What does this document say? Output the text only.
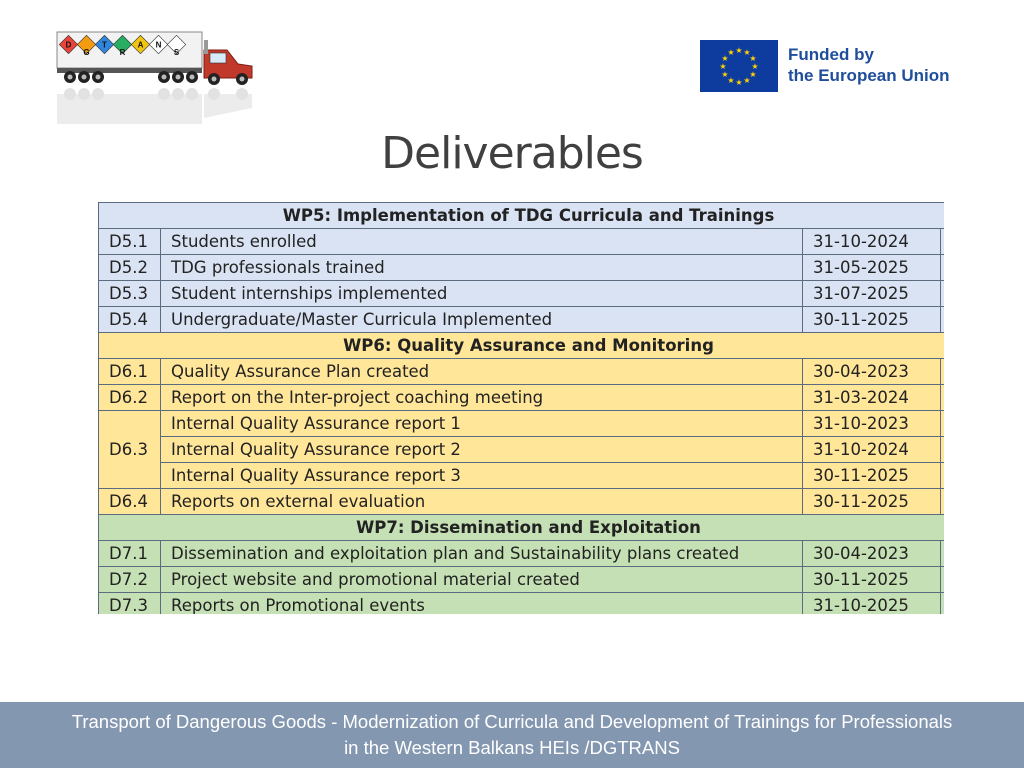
D
G
T
R
A N
S	★ ★
★
★
★
★
★
★
★
★
★
★	Funded by
the European Union
Deliverables
WP5: Implementation of TDG Curricula and Trainings			
D5.1	Students enrolled	31-10-2024	
D5.2	TDG professionals trained	31-05-2025	
D5.3	Student internships implemented	31-07-2025	
D5.4	Undergraduate/Master Curricula Implemented	30-11-2025	
WP6: Quality Assurance and Monitoring			
D6.1	Quality Assurance Plan created	30-04-2023	
D6.2	Report on the Inter-project coaching meeting	31-03-2024	
D6.3	Internal Quality Assurance report 1	31-10-2023	
	Internal Quality Assurance report 2	31-10-2024	
	Internal Quality Assurance report 3	30-11-2025	
D6.4	Reports on external evaluation	30-11-2025	
WP7: Dissemination and Exploitation			
D7.1	Dissemination and exploitation plan and Sustainability plans created	30-04-2023	
D7.2	Project website and promotional material created	30-11-2025	
D7.3	Reports on Promotional events	31-10-2025	
Transport of Dangerous Goods - Modernization of Curricula and Development of Trainings for Professionals
in the Western Balkans HEIs /DGTRANS
